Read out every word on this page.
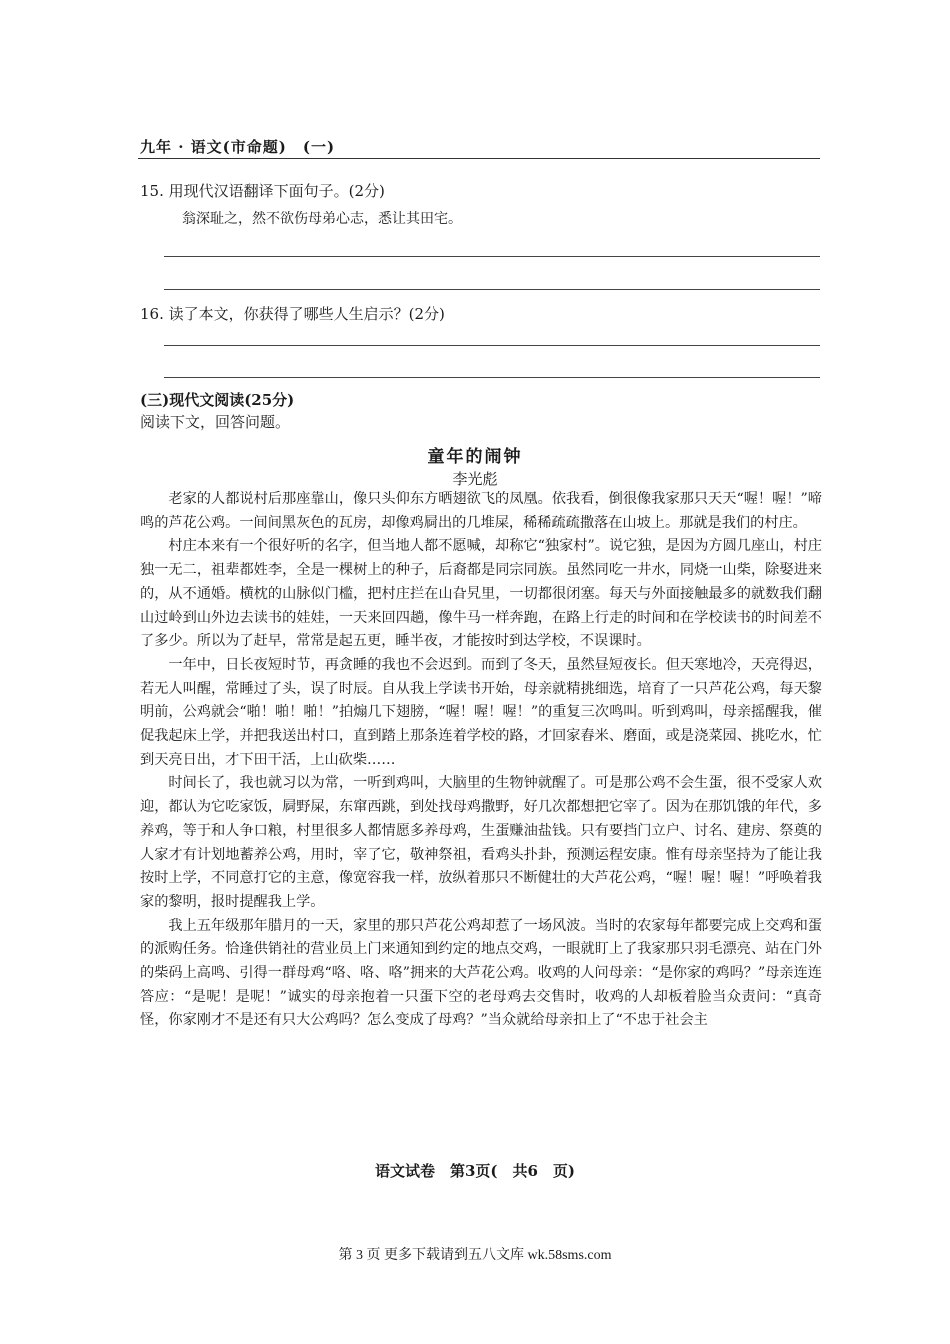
九年 · 语文(市命题)　(一)
15. 用现代汉语翻译下面句子。(2分)
翁深耻之，然不欲伤母弟心志，悉让其田宅。
16. 读了本文，你获得了哪些人生启示？(2分)
(三)现代文阅读(25分)
阅读下文，回答问题。
童年的闹钟
李光彪

老家的人都说村后那座靠山，像只头仰东方晒翅欲飞的凤凰。依我看，倒很像我家那只天天“喔！喔！”啼鸣的芦花公鸡。一间间黑灰色的瓦房，却像鸡屙出的几堆屎，稀稀疏疏撒落在山坡上。那就是我们的村庄。

村庄本来有一个很好听的名字，但当地人都不愿喊，却称它“独家村”。说它独，是因为方圆几座山，村庄独一无二，祖辈都姓李，全是一棵树上的种子，后裔都是同宗同族。虽然同吃一井水，同烧一山柴，除娶进来的，从不通婚。横枕的山脉似门槛，把村庄拦在山旮旯里，一切都很闭塞。每天与外面接触最多的就数我们翻山过岭到山外边去读书的娃娃，一天来回四趟，像牛马一样奔跑，在路上行走的时间和在学校读书的时间差不了多少。所以为了赶早，常常是起五更，睡半夜，才能按时到达学校，不误课时。

一年中，日长夜短时节，再贪睡的我也不会迟到。而到了冬天，虽然昼短夜长。但天寒地冷，天亮得迟，若无人叫醒，常睡过了头，误了时辰。自从我上学读书开始，母亲就精挑细选，培育了一只芦花公鸡，每天黎明前，公鸡就会“啪！啪！啪！”拍煽几下翅膀，“喔！喔！喔！”的重复三次鸣叫。听到鸡叫，母亲摇醒我，催促我起床上学，并把我送出村口，直到踏上那条连着学校的路，才回家舂米、磨面，或是浇菜园、挑吃水，忙到天亮日出，才下田干活，上山砍柴……

时间长了，我也就习以为常，一听到鸡叫，大脑里的生物钟就醒了。可是那公鸡不会生蛋，很不受家人欢迎，都认为它吃家饭，屙野屎，东窜西跳，到处找母鸡撒野，好几次都想把它宰了。因为在那饥饿的年代，多养鸡，等于和人争口粮，村里很多人都情愿多养母鸡，生蛋赚油盐钱。只有要挡门立户、讨名、建房、祭奠的人家才有计划地蓄养公鸡，用时，宰了它，敬神祭祖，看鸡头扑卦，预测运程安康。惟有母亲坚持为了能让我按时上学，不同意打它的主意，像宽容我一样，放纵着那只不断健壮的大芦花公鸡，“喔！喔！喔！”呼唤着我家的黎明，报时提醒我上学。

我上五年级那年腊月的一天，家里的那只芦花公鸡却惹了一场风波。当时的农家每年都要完成上交鸡和蛋的派购任务。恰逢供销社的营业员上门来通知到约定的地点交鸡，一眼就盯上了我家那只羽毛漂亮、站在门外的柴码上高鸣、引得一群母鸡“咯、咯、咯”拥来的大芦花公鸡。收鸡的人问母亲：“是你家的鸡吗？”母亲连连答应：“是呢！是呢！”诚实的母亲抱着一只蛋下空的老母鸡去交售时，收鸡的人却板着脸当众责问：“真奇怪，你家刚才不是还有只大公鸡吗？怎么变成了母鸡？”当众就给母亲扣上了“不忠于社会主

语文试卷　第3页(　共6　页)
第 3 页 更多下载请到五八文库 wk.58sms.com
